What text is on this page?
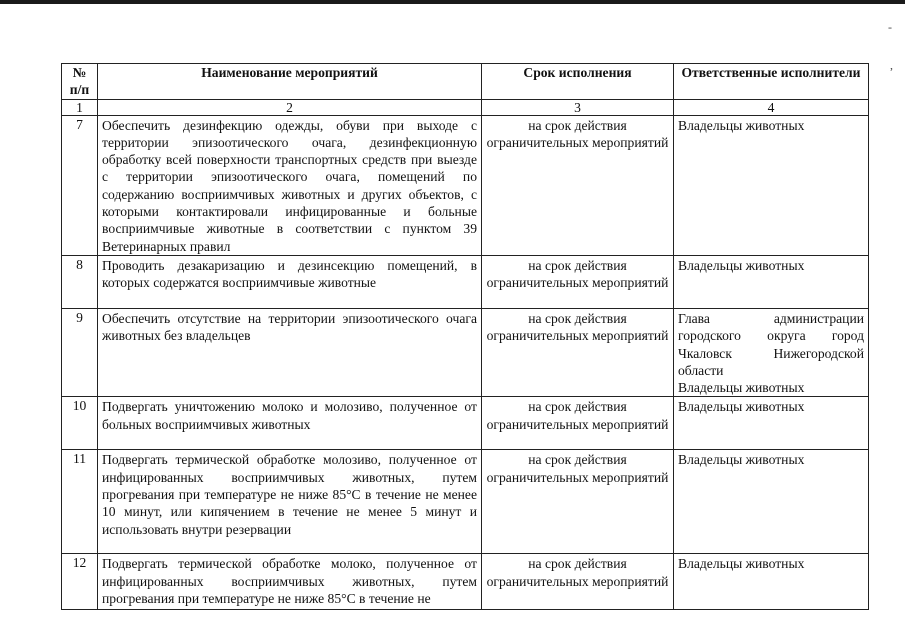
-
,
№ п/п	Наименование мероприятий	Срок исполнения	Ответственные исполнители
1	2	3	4
7	Обеспечить дезинфекцию одежды, обуви при выходе с территории эпизоотического очага, дезинфекционную обработку всей поверхности транспортных средств при выезде с территории эпизоотического очага, помещений по содержанию восприимчивых животных и других объектов, с которыми контактировали инфицированные и больные восприимчивые животные в соответствии с пунктом 39 Ветеринарных правил	на срок действия ограничительных мероприятий	Владельцы животных
8	Проводить дезакаризацию и дезинсекцию помещений, в которых содержатся восприимчивые животные	на срок действия ограничительных мероприятий	Владельцы животных
9	Обеспечить отсутствие на территории эпизоотического очага животных без владельцев	на срок действия ограничительных мероприятий	Глава администрации городского округа город Чкаловск Нижегородской области
Владельцы животных

10	Подвергать уничтожению молоко и молозиво, полученное от больных восприимчивых животных	на срок действия ограничительных мероприятий	Владельцы животных
11	Подвергать термической обработке молозиво, полученное от инфицированных восприимчивых животных, путем прогревания при температуре не ниже 85°С в течение не менее 10 минут, или кипячением в течение не менее 5 минут и использовать внутри резервации	на срок действия ограничительных мероприятий	Владельцы животных
12	Подвергать термической обработке молоко, полученное от инфицированных восприимчивых животных, путем прогревания при температуре не ниже 85°С в течение не	на срок действия ограничительных мероприятий	Владельцы животных
